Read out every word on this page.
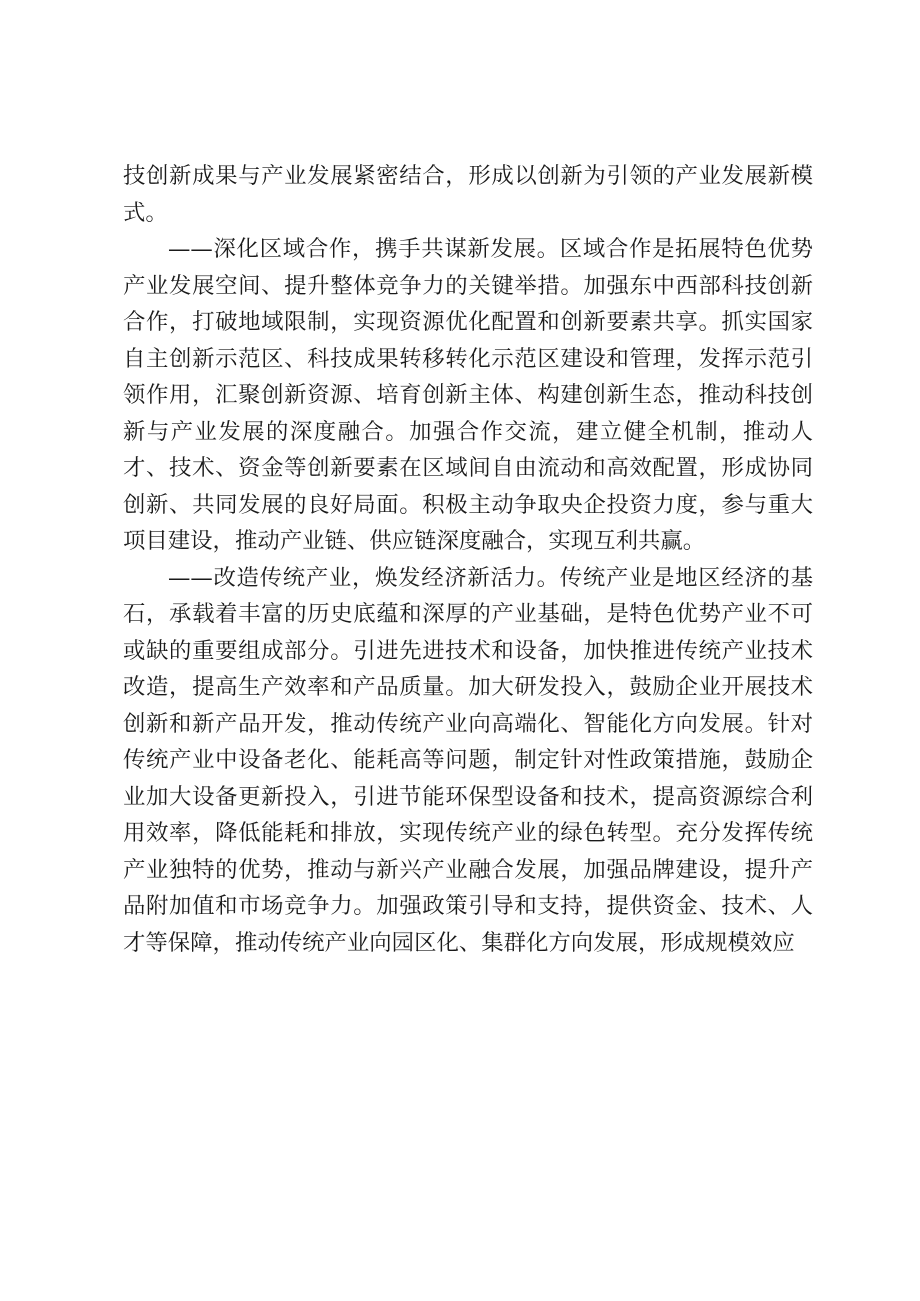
技创新成果与产业发展紧密结合，形成以创新为引领的产业发展新模式。

——深化区域合作，携手共谋新发展。区域合作是拓展特色优势产业发展空间、提升整体竞争力的关键举措。加强东中西部科技创新合作，打破地域限制，实现资源优化配置和创新要素共享。抓实国家自主创新示范区、科技成果转移转化示范区建设和管理，发挥示范引领作用，汇聚创新资源、培育创新主体、构建创新生态，推动科技创新与产业发展的深度融合。加强合作交流，建立健全机制，推动人才、技术、资金等创新要素在区域间自由流动和高效配置，形成协同创新、共同发展的良好局面。积极主动争取央企投资力度，参与重大项目建设，推动产业链、供应链深度融合，实现互利共赢。

——改造传统产业，焕发经济新活力。传统产业是地区经济的基石，承载着丰富的历史底蕴和深厚的产业基础，是特色优势产业不可或缺的重要组成部分。引进先进技术和设备，加快推进传统产业技术改造，提高生产效率和产品质量。加大研发投入，鼓励企业开展技术创新和新产品开发，推动传统产业向高端化、智能化方向发展。针对传统产业中设备老化、能耗高等问题，制定针对性政策措施，鼓励企业加大设备更新投入，引进节能环保型设备和技术，提高资源综合利用效率，降低能耗和排放，实现传统产业的绿色转型。充分发挥传统产业独特的优势，推动与新兴产业融合发展，加强品牌建设，提升产品附加值和市场竞争力。加强政策引导和支持，提供资金、技术、人才等保障，推动传统产业向园区化、集群化方向发展，形成规模效应
